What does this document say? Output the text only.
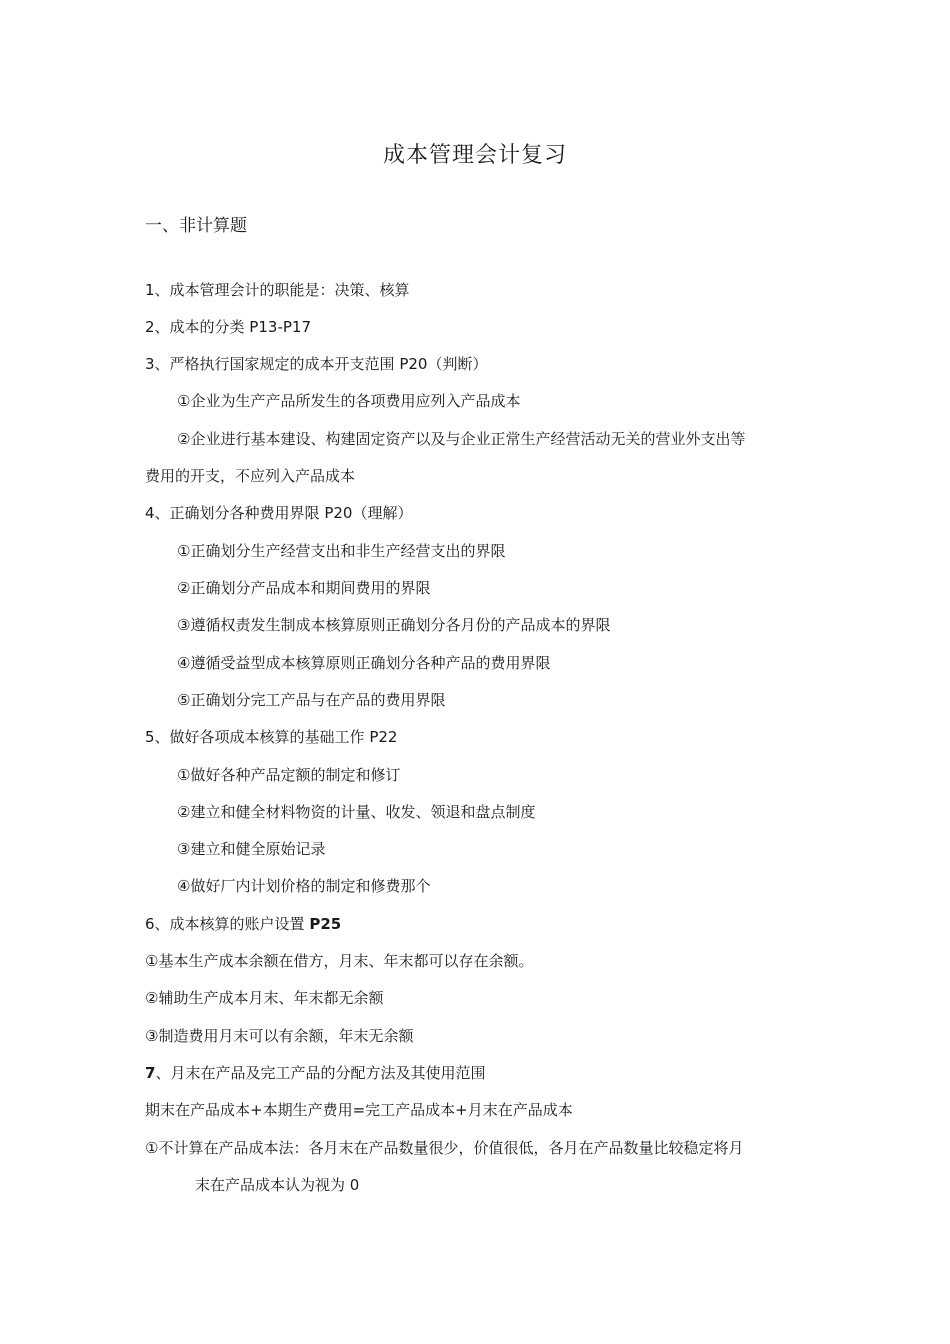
成本管理会计复习
一、非计算题
1、成本管理会计的职能是：决策、核算
2、成本的分类 P13-P17
3、严格执行国家规定的成本开支范围 P20（判断）
①企业为生产产品所发生的各项费用应列入产品成本
②企业进行基本建设、构建固定资产以及与企业正常生产经营活动无关的营业外支出等
费用的开支，不应列入产品成本
4、正确划分各种费用界限 P20（理解）
①正确划分生产经营支出和非生产经营支出的界限
②正确划分产品成本和期间费用的界限
③遵循权责发生制成本核算原则正确划分各月份的产品成本的界限
④遵循受益型成本核算原则正确划分各种产品的费用界限
⑤正确划分完工产品与在产品的费用界限
5、做好各项成本核算的基础工作 P22
①做好各种产品定额的制定和修订
②建立和健全材料物资的计量、收发、领退和盘点制度
③建立和健全原始记录
④做好厂内计划价格的制定和修费那个
6、成本核算的账户设置 P25
①基本生产成本余额在借方，月末、年末都可以存在余额。
②辅助生产成本月末、年末都无余额
③制造费用月末可以有余额，年末无余额
7、月末在产品及完工产品的分配方法及其使用范围
期末在产品成本+本期生产费用=完工产品成本+月末在产品成本
①不计算在产品成本法：各月末在产品数量很少，价值很低，各月在产品数量比较稳定将月
末在产品成本认为视为 0
